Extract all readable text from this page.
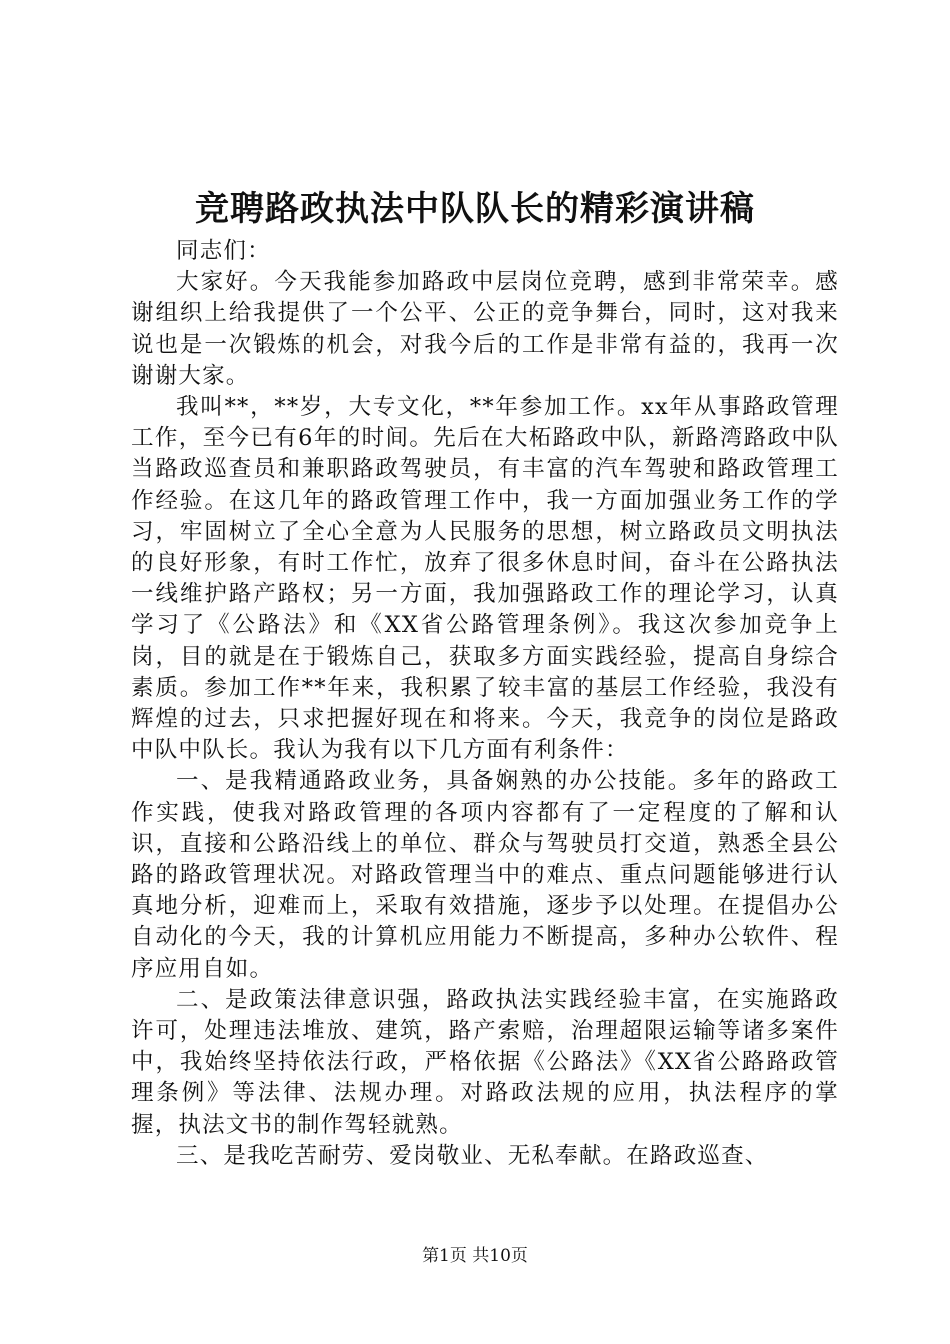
竞聘路政执法中队队长的精彩演讲稿

同志们：

大家好。今天我能参加路政中层岗位竞聘，感到非常荣幸。感谢组织上给我提供了一个公平、公正的竞争舞台，同时，这对我来说也是一次锻炼的机会，对我今后的工作是非常有益的，我再一次谢谢大家。

我叫**，**岁，大专文化，**年参加工作。xx年从事路政管理工作，至今已有6年的时间。先后在大柘路政中队，新路湾路政中队当路政巡查员和兼职路政驾驶员，有丰富的汽车驾驶和路政管理工作经验。在这几年的路政管理工作中，我一方面加强业务工作的学习，牢固树立了全心全意为人民服务的思想，树立路政员文明执法的良好形象，有时工作忙，放弃了很多休息时间，奋斗在公路执法一线维护路产路权；另一方面，我加强路政工作的理论学习，认真学习了《公路法》和《XX省公路管理条例》。我这次参加竞争上岗，目的就是在于锻炼自己，获取多方面实践经验，提高自身综合素质。参加工作**年来，我积累了较丰富的基层工作经验，我没有辉煌的过去，只求把握好现在和将来。今天，我竞争的岗位是路政中队中队长。我认为我有以下几方面有利条件：

一、是我精通路政业务，具备娴熟的办公技能。多年的路政工作实践，使我对路政管理的各项内容都有了一定程度的了解和认识，直接和公路沿线上的单位、群众与驾驶员打交道，熟悉全县公路的路政管理状况。对路政管理当中的难点、重点问题能够进行认真地分析，迎难而上，采取有效措施，逐步予以处理。在提倡办公自动化的今天，我的计算机应用能力不断提高，多种办公软件、程序应用自如。

二、是政策法律意识强，路政执法实践经验丰富，在实施路政许可，处理违法堆放、建筑，路产索赔，治理超限运输等诸多案件中，我始终坚持依法行政，严格依据《公路法》《XX省公路路政管理条例》等法律、法规办理。对路政法规的应用，执法程序的掌握，执法文书的制作驾轻就熟。

三、是我吃苦耐劳、爱岗敬业、无私奉献。在路政巡查、

第1页 共10页
